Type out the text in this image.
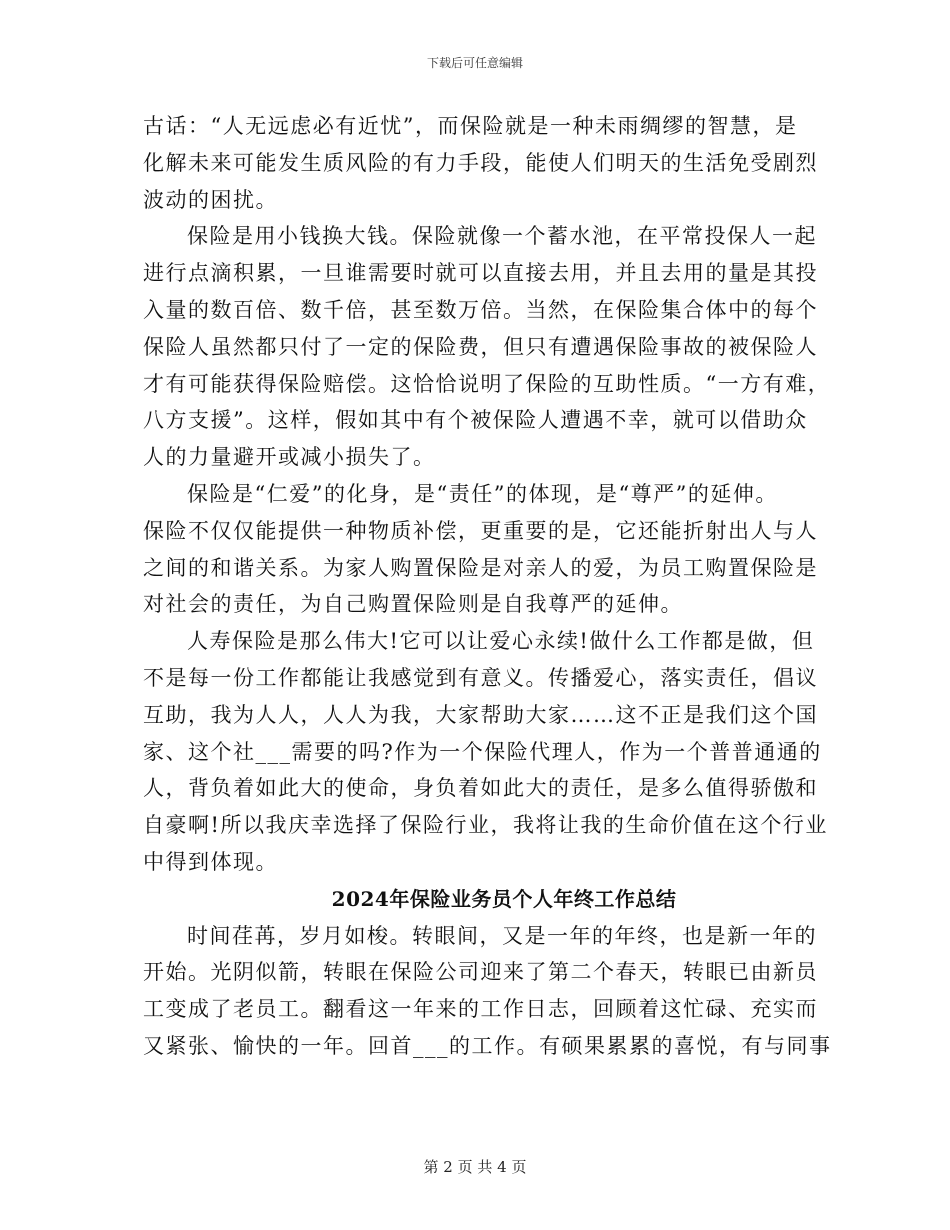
下载后可任意编辑
古话：“人无远虑必有近忧”，而保险就是一种未雨绸缪的智慧，是
化解未来可能发生质风险的有力手段，能使人们明天的生活免受剧烈
波动的困扰。
保险是用小钱换大钱。保险就像一个蓄水池，在平常投保人一起
进行点滴积累，一旦谁需要时就可以直接去用，并且去用的量是其投
入量的数百倍、数千倍，甚至数万倍。当然，在保险集合体中的每个
保险人虽然都只付了一定的保险费，但只有遭遇保险事故的被保险人
才有可能获得保险赔偿。这恰恰说明了保险的互助性质。“一方有难，
八方支援”。这样，假如其中有个被保险人遭遇不幸，就可以借助众
人的力量避开或减小损失了。
保险是“仁爱”的化身，是“责任”的体现，是“尊严”的延伸。
保险不仅仅能提供一种物质补偿，更重要的是，它还能折射出人与人
之间的和谐关系。为家人购置保险是对亲人的爱，为员工购置保险是
对社会的责任，为自己购置保险则是自我尊严的延伸。
人寿保险是那么伟大!它可以让爱心永续!做什么工作都是做，但
不是每一份工作都能让我感觉到有意义。传播爱心，落实责任，倡议
互助，我为人人，人人为我，大家帮助大家……这不正是我们这个国
家、这个社___需要的吗?作为一个保险代理人，作为一个普普通通的
人，背负着如此大的使命，身负着如此大的责任，是多么值得骄傲和
自豪啊!所以我庆幸选择了保险行业，我将让我的生命价值在这个行业
中得到体现。
2024年保险业务员个人年终工作总结
时间荏苒，岁月如梭。转眼间，又是一年的年终，也是新一年的
开始。光阴似箭，转眼在保险公司迎来了第二个春天，转眼已由新员
工变成了老员工。翻看这一年来的工作日志，回顾着这忙碌、充实而
又紧张、愉快的一年。回首___的工作。有硕果累累的喜悦，有与同事
第 2 页 共 4 页
